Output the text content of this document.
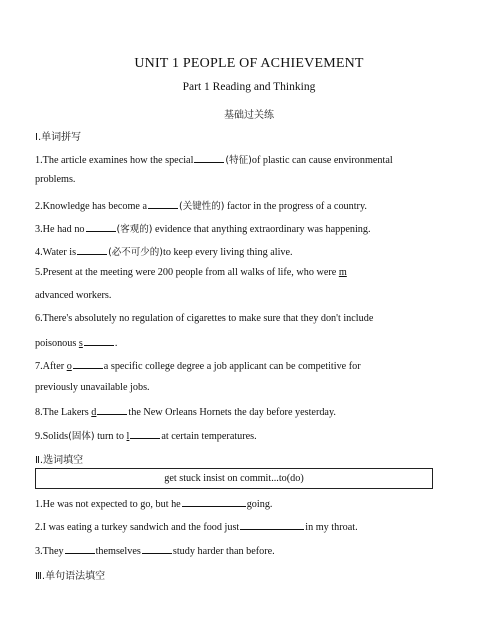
UNIT 1 PEOPLE OF ACHIEVEMENT
Part 1 Reading and Thinking
基础过关练
Ⅰ.单词拼写
1.The article examines how the special	(特征)of plastic can cause environmental
problems.
2.Knowledge has become a	(关键性的) factor in the progress of a country.
3.He had no	(客观的) evidence that anything extraordinary was happening.
4.Water is	(必不可少的)to keep every living thing alive.
5.Present at the meeting were 200 people from all walks of life, who were m
advanced workers.
6.There's absolutely no regulation of cigarettes to make sure that they don't include
poisonous s	.
7.After o	a specific college degree a job applicant can be competitive for
previously unavailable jobs.
8.The Lakers d	the New Orleans Hornets the day before yesterday.
9.Solids(固体) turn to l	at certain temperatures.
Ⅱ.选词填空
get stuck insist on commit...to(do)
1.He was not expected to go, but he	going.
2.I was eating a turkey sandwich and the food just	in my throat.
3.They	themselves	study harder than before.
Ⅲ.单句语法填空
